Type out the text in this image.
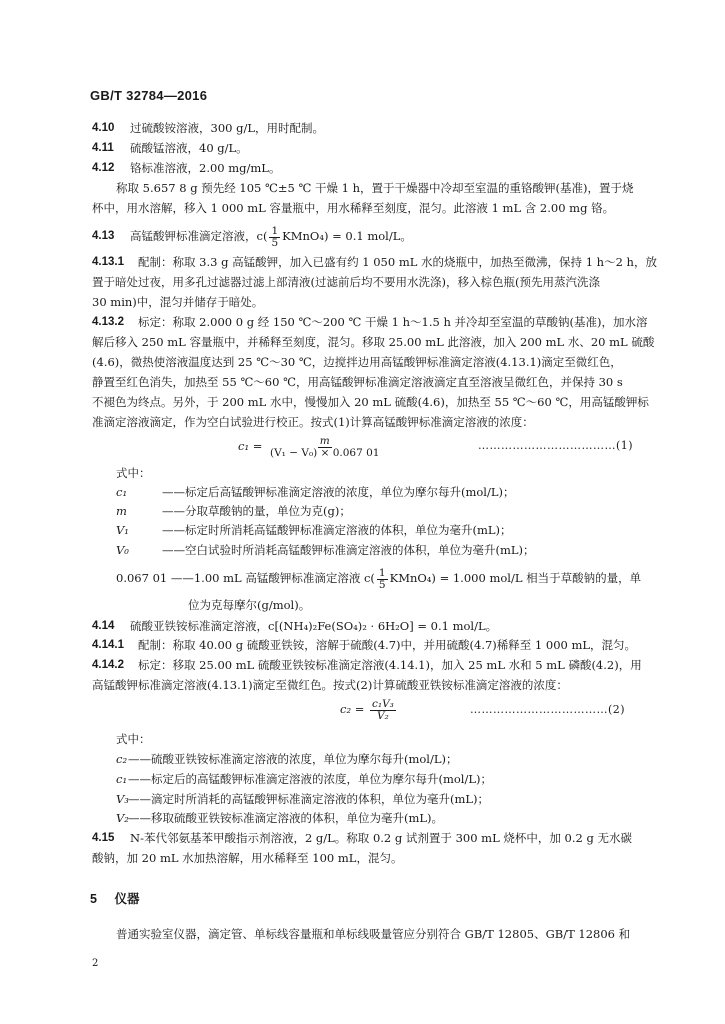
GB/T 32784—2016
4.10 过硫酸铵溶液，300 g/L，用时配制。
4.11 硫酸锰溶液，40 g/L。
4.12 铬标准溶液，2.00 mg/mL。
称取 5.657 8 g 预先经 105 ℃±5 ℃ 干燥 1 h，置于干燥器中冷却至室温的重铬酸钾(基准)，置于烧
杯中，用水溶解，移入 1 000 mL 容量瓶中，用水稀释至刻度，混匀。此溶液 1 mL 含 2.00 mg 铬。
4.13 高锰酸钾标准滴定溶液，$c( \frac{1}{5}$ KMnO₄) = 0.1 mol/L。
4.13.1 配制：称取 3.3 g 高锰酸钾，加入已盛有约 1 050 mL 水的烧瓶中，加热至微沸，保持 1 h～2 h，放
置于暗处过夜，用多孔过滤器过滤上部清液(过滤前后均不要用水洗涤)，移入棕色瓶(预先用蒸汽洗涤
30 min)中，混匀并储存于暗处。
4.13.2 标定：称取 2.000 0 g 经 150 ℃～200 ℃ 干燥 1 h～1.5 h 并冷却至室温的草酸钠(基准)，加水溶
解后移入 250 mL 容量瓶中，并稀释至刻度，混匀。移取 25.00 mL 此溶液，加入 200 mL 水、20 mL 硫酸
(4.6)，微热使溶液温度达到 25 ℃～30 ℃，边搅拌边用高锰酸钾标准滴定溶液(4.13.1)滴定至微红色，
静置至红色消失，加热至 55 ℃～60 ℃，用高锰酸钾标准滴定溶液滴定直至溶液呈微红色，并保持 30 s
不褪色为终点。另外，于 200 mL 水中，慢慢加入 20 mL 硫酸(4.6)，加热至 55 ℃～60 ℃，用高锰酸钾标
准滴定溶液滴定，作为空白试验进行校正。按式(1)计算高锰酸钾标准滴定溶液的浓度：
$c_1 = \frac{m}{\text{(V₁ − V₀) × 0.067 01}}$	………………………………(1)
式中：
c₁	——标定后高锰酸钾标准滴定溶液的浓度，单位为摩尔每升(mol/L)；
m	——分取草酸钠的量，单位为克(g)；
V₁	——标定时所消耗高锰酸钾标准滴定溶液的体积，单位为毫升(mL)；
V₀	——空白试验时所消耗高锰酸钾标准滴定溶液的体积，单位为毫升(mL)；
0.067 01 ——1.00 mL 高锰酸钾标准滴定溶液 $c( \frac{1}{5}$ KMnO₄) = 1.000 mol/L 相当于草酸钠的量，单
位为克每摩尔(g/mol)。
4.14 硫酸亚铁铵标准滴定溶液，c[(NH₄)₂Fe(SO₄)₂ · 6H₂O] = 0.1 mol/L。
4.14.1 配制：称取 40.00 g 硫酸亚铁铵，溶解于硫酸(4.7)中，并用硫酸(4.7)稀释至 1 000 mL，混匀。
4.14.2 标定：移取 25.00 mL 硫酸亚铁铵标准滴定溶液(4.14.1)，加入 25 mL 水和 5 mL 磷酸(4.2)，用
高锰酸钾标准滴定溶液(4.13.1)滴定至微红色。按式(2)计算硫酸亚铁铵标准滴定溶液的浓度：
$c_2 = \frac{\text{c₁V₃}}{\text{V₂}}$	………………………………(2)
式中：
c₂ ——硫酸亚铁铵标准滴定溶液的浓度，单位为摩尔每升(mol/L)；
c₁ ——标定后的高锰酸钾标准滴定溶液的浓度，单位为摩尔每升(mol/L)；
V₃ ——滴定时所消耗的高锰酸钾标准滴定溶液的体积，单位为毫升(mL)；
V₂ ——移取硫酸亚铁铵标准滴定溶液的体积，单位为毫升(mL)。
4.15 N-苯代邻氨基苯甲酸指示剂溶液，2 g/L。称取 0.2 g 试剂置于 300 mL 烧杯中，加 0.2 g 无水碳
酸钠，加 20 mL 水加热溶解，用水稀释至 100 mL，混匀。
5 仪器
普通实验室仪器，滴定管、单标线容量瓶和单标线吸量管应分别符合 GB/T 12805、GB/T 12806 和
2
